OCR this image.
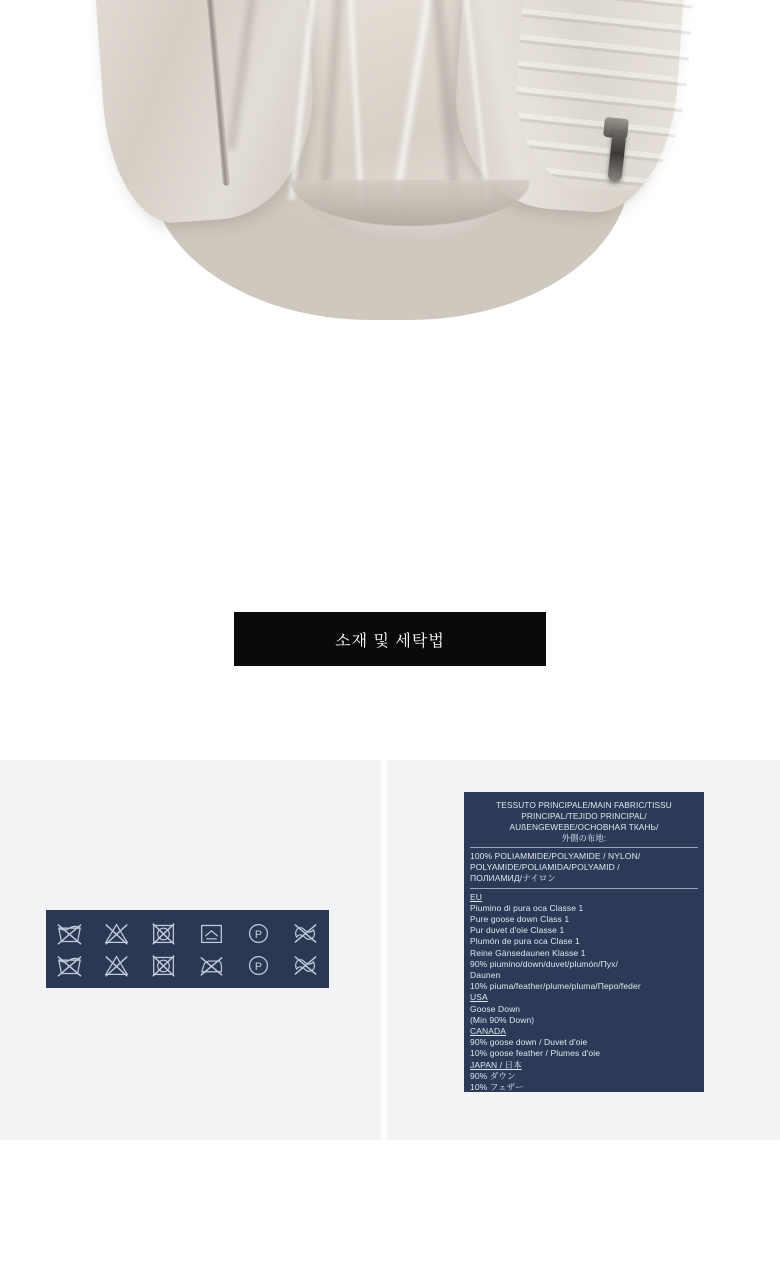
소재 및 세탁법
P
P
TESSUTO PRINCIPALE/MAIN FABRIC/TISSU
PRINCIPAL/TEJIDO PRINCIPAL/
AUßENGEWEBE/ОСНОВНАЯ ТКАНЬ/
外側の布地:
100% POLIAMMIDE/POLYAMIDE / NYLON/
POLYAMIDE/POLIAMIDA/POLYAMID /
ПОЛИАМИД/ナイロン
EU
Piumino di pura oca Classe 1
Pure goose down Class 1
Pur duvet d'oie Classe 1
Plumón de pura oca Clase 1
Reine Gänsedaunen Klasse 1
90% piumino/down/duvet/plumón/Пух/
Daunen
10% piuma/feather/plume/pluma/Перо/feder
USA
Goose Down
(Min 90% Down)
CANADA
90% goose down / Duvet d'oie
10% goose feather / Plumes d'oie
JAPAN / 日本
90% ダウン
10% フェザー
